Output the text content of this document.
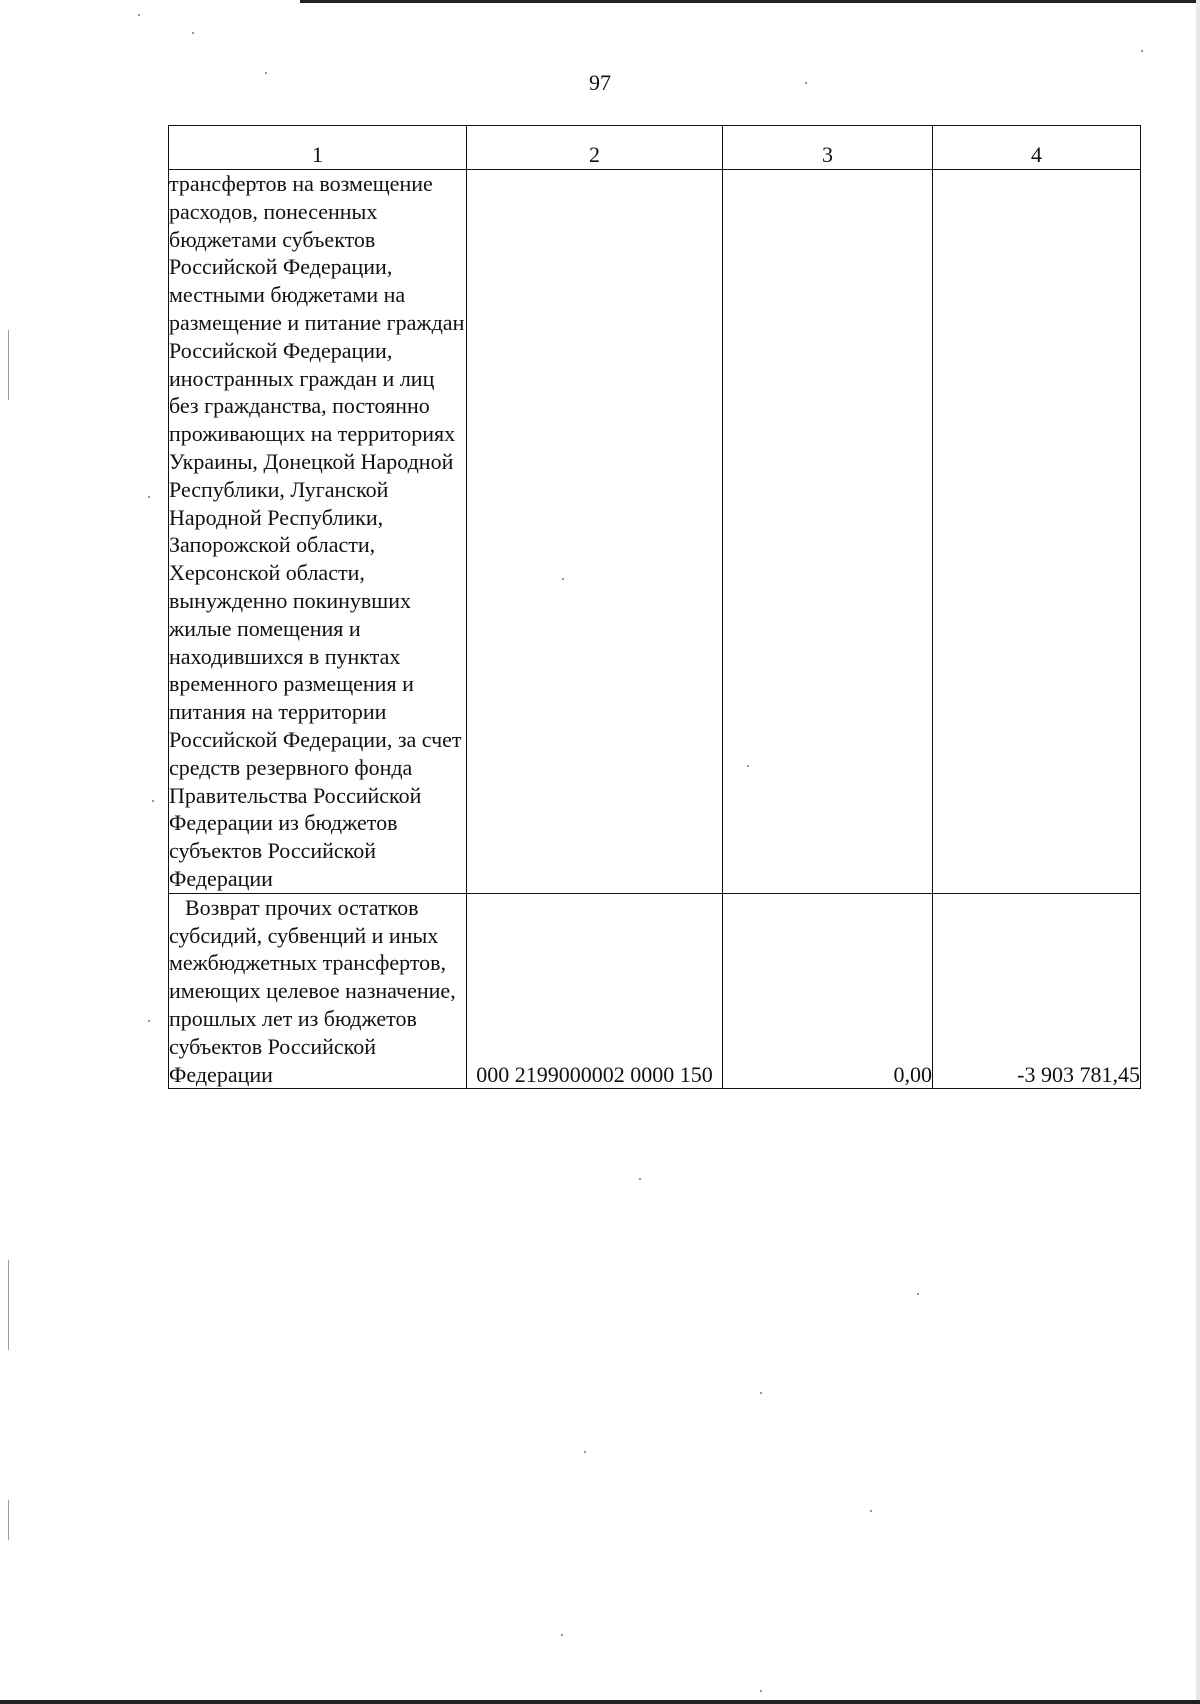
97
1	2	3	4
трансфертов на возмещение расходов, понесенных бюджетами субъектов Российской Федерации, местными бюджетами на размещение и питание граждан Российской Федерации, иностранных граждан и лиц без гражданства, постоянно проживающих на территориях Украины, Донецкой Народной Республики, Луганской Народной Республики, Запорожской области, Херсонской области, вынужденно покинувших жилые помещения и находившихся в пунктах временного размещения и питания на территории Российской Федерации, за счет средств резервного фонда Правительства Российской Федерации из бюджетов субъектов Российской Федерации			
Возврат прочих остатков субсидий, субвенций и иных межбюджетных трансфертов, имеющих целевое назначение, прошлых лет из бюджетов субъектов Российской Федерации	000 2199000002 0000 150	0,00	-3 903 781,45
